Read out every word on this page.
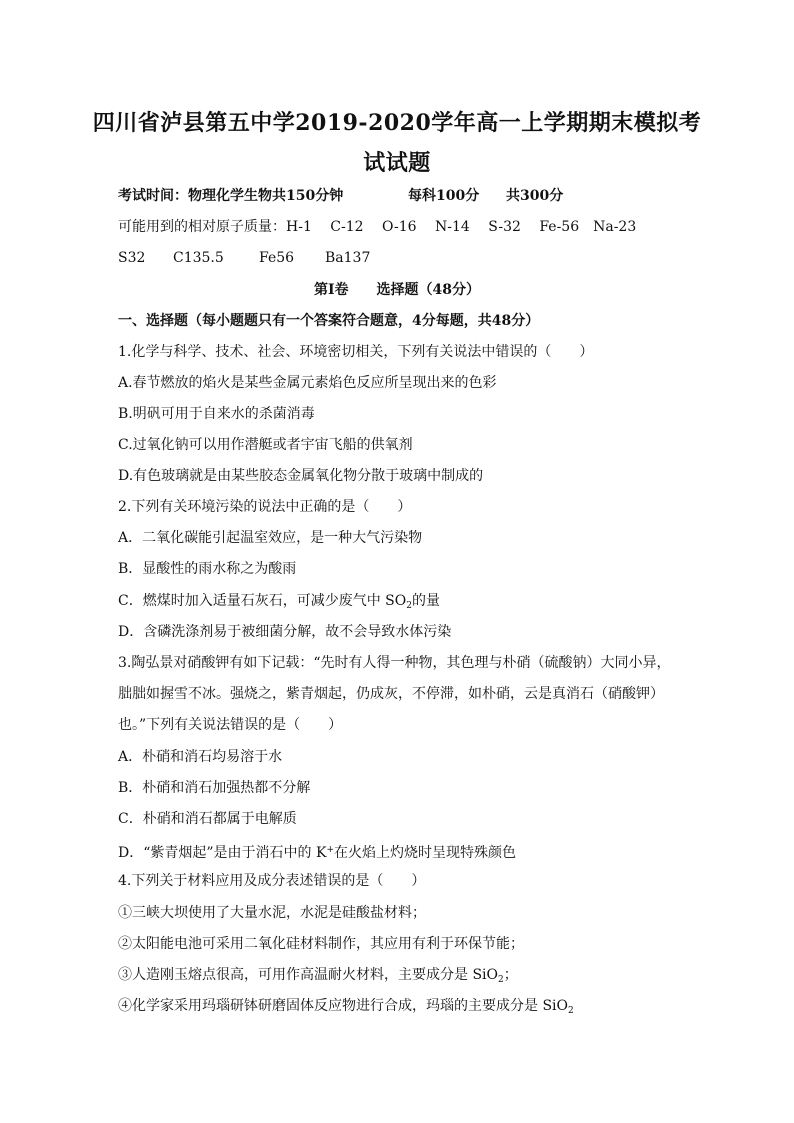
四川省泸县第五中学2019-2020学年高一上学期期末模拟考
试试题
考试时间：物理化学生物共150分钟	每科100分 共300分
可能用到的相对原子质量：H-1　 C-12　 O-16　 N-14　 S-32　 Fe-56　Na-23
S32 C135.5	Fe56 Ba137
第Ⅰ卷　　选择题（48分）
一、选择题（每小题题只有一个答案符合题意，4分每题，共48分）
1.化学与科学、技术、社会、环境密切相关，下列有关说法中错误的（　　）
A.春节燃放的焰火是某些金属元素焰色反应所呈现出来的色彩
B.明矾可用于自来水的杀菌消毒
C.过氧化钠可以用作潜艇或者宇宙飞船的供氧剂
D.有色玻璃就是由某些胶态金属氧化物分散于玻璃中制成的
2.下列有关环境污染的说法中正确的是（　　）
A．二氧化碳能引起温室效应，是一种大气污染物
B．显酸性的雨水称之为酸雨
C．燃煤时加入适量石灰石，可减少废气中 $SO_2$的量
D．含磷洗涤剂易于被细菌分解，故不会导致水体污染
3.陶弘景对硝酸钾有如下记载：“先时有人得一种物，其色理与朴硝（硫酸钠）大同小异，
朏朏如握雪不冰。强烧之，紫青烟起，仍成灰，不停滞，如朴硝，云是真消石（硝酸钾）
也。”下列有关说法错误的是（　　）
A．朴硝和消石均易溶于水
B．朴硝和消石加强热都不分解
C．朴硝和消石都属于电解质
D．“紫青烟起”是由于消石中的 K+在火焰上灼烧时呈现特殊颜色
4.下列关于材料应用及成分表述错误的是（　　）
①三峡大坝使用了大量水泥，水泥是硅酸盐材料；
②太阳能电池可采用二氧化硅材料制作，其应用有利于环保节能；
③人造刚玉熔点很高，可用作高温耐火材料，主要成分是 SiO$_2$；
④化学家采用玛瑙研钵研磨固体反应物进行合成，玛瑙的主要成分是 SiO$_2$
